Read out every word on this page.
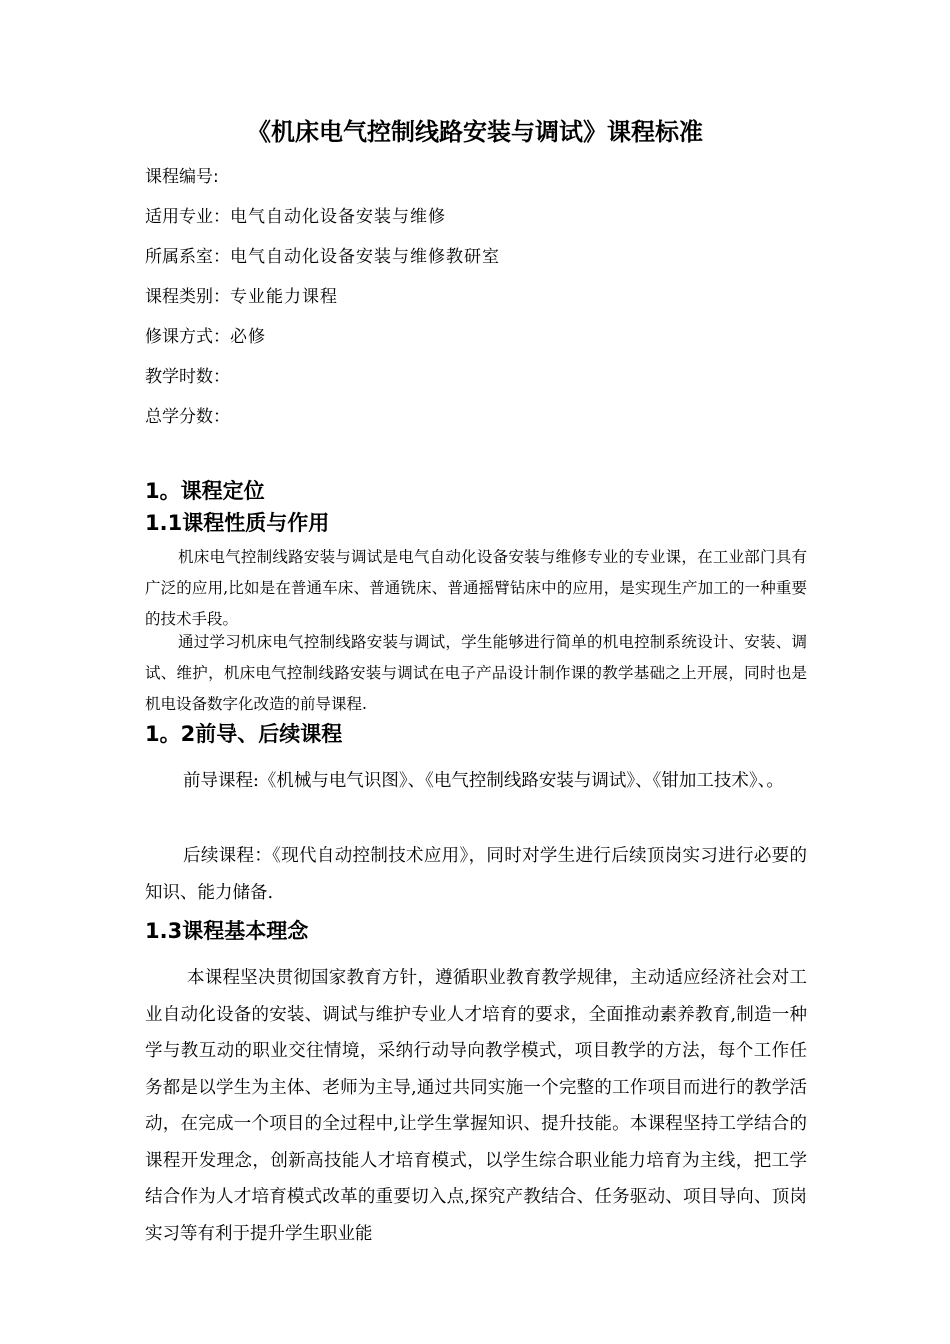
《机床电气控制线路安装与调试》课程标准
课程编号:
适用专业：电气自动化设备安装与维修
所属系室：电气自动化设备安装与维修教研室
课程类别：专业能力课程
修课方式：必修
教学时数：
总学分数：
1。课程定位
1.1课程性质与作用
机床电气控制线路安装与调试是电气自动化设备安装与维修专业的专业课，在工业部门具有广泛的应用,比如是在普通车床、普通铣床、普通摇臂钻床中的应用，是实现生产加工的一种重要的技术手段。
通过学习机床电气控制线路安装与调试，学生能够进行简单的机电控制系统设计、安装、调试、维护，机床电气控制线路安装与调试在电子产品设计制作课的教学基础之上开展，同时也是机电设备数字化改造的前导课程.
1。2前导、后续课程
前导课程:《机械与电气识图》、《电气控制线路安装与调试》、《钳加工技术》、。
后续课程：《现代自动控制技术应用》，同时对学生进行后续顶岗实习进行必要的知识、能力储备.
1.3课程基本理念
本课程坚决贯彻国家教育方针，遵循职业教育教学规律，主动适应经济社会对工业自动化设备的安装、调试与维护专业人才培育的要求，全面推动素养教育,制造一种学与教互动的职业交往情境，采纳行动导向教学模式，项目教学的方法，每个工作任务都是以学生为主体、老师为主导,通过共同实施一个完整的工作项目而进行的教学活动，在完成一个项目的全过程中,让学生掌握知识、提升技能。本课程坚持工学结合的课程开发理念，创新高技能人才培育模式，以学生综合职业能力培育为主线，把工学结合作为人才培育模式改革的重要切入点,探究产教结合、任务驱动、项目导向、顶岗实习等有利于提升学生职业能
